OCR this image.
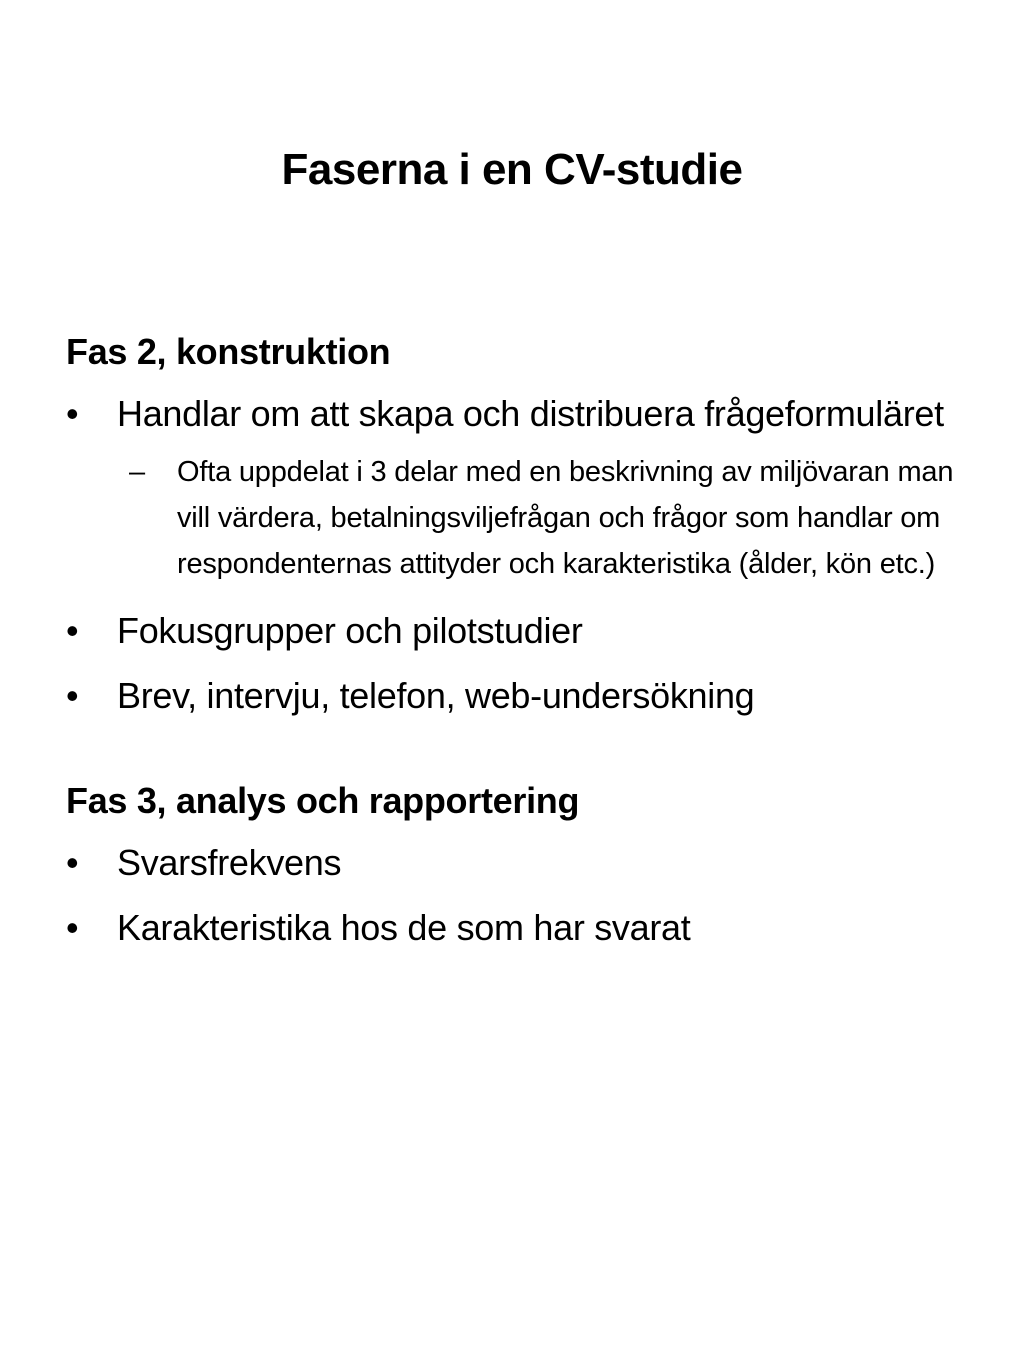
Faserna i en CV-studie

Fas 2, konstruktion

• Handlar om att skapa och distribuera frågeformuläret
– Ofta uppdelat i 3 delar med en beskrivning av miljövaran man vill värdera, betalningsviljefrågan och frågor som handlar om respondenternas attityder och karakteristika (ålder, kön etc.)
• Fokusgrupper och pilotstudier
• Brev, intervju, telefon, web-undersökning

Fas 3, analys och rapportering

• Svarsfrekvens
• Karakteristika hos de som har svarat
